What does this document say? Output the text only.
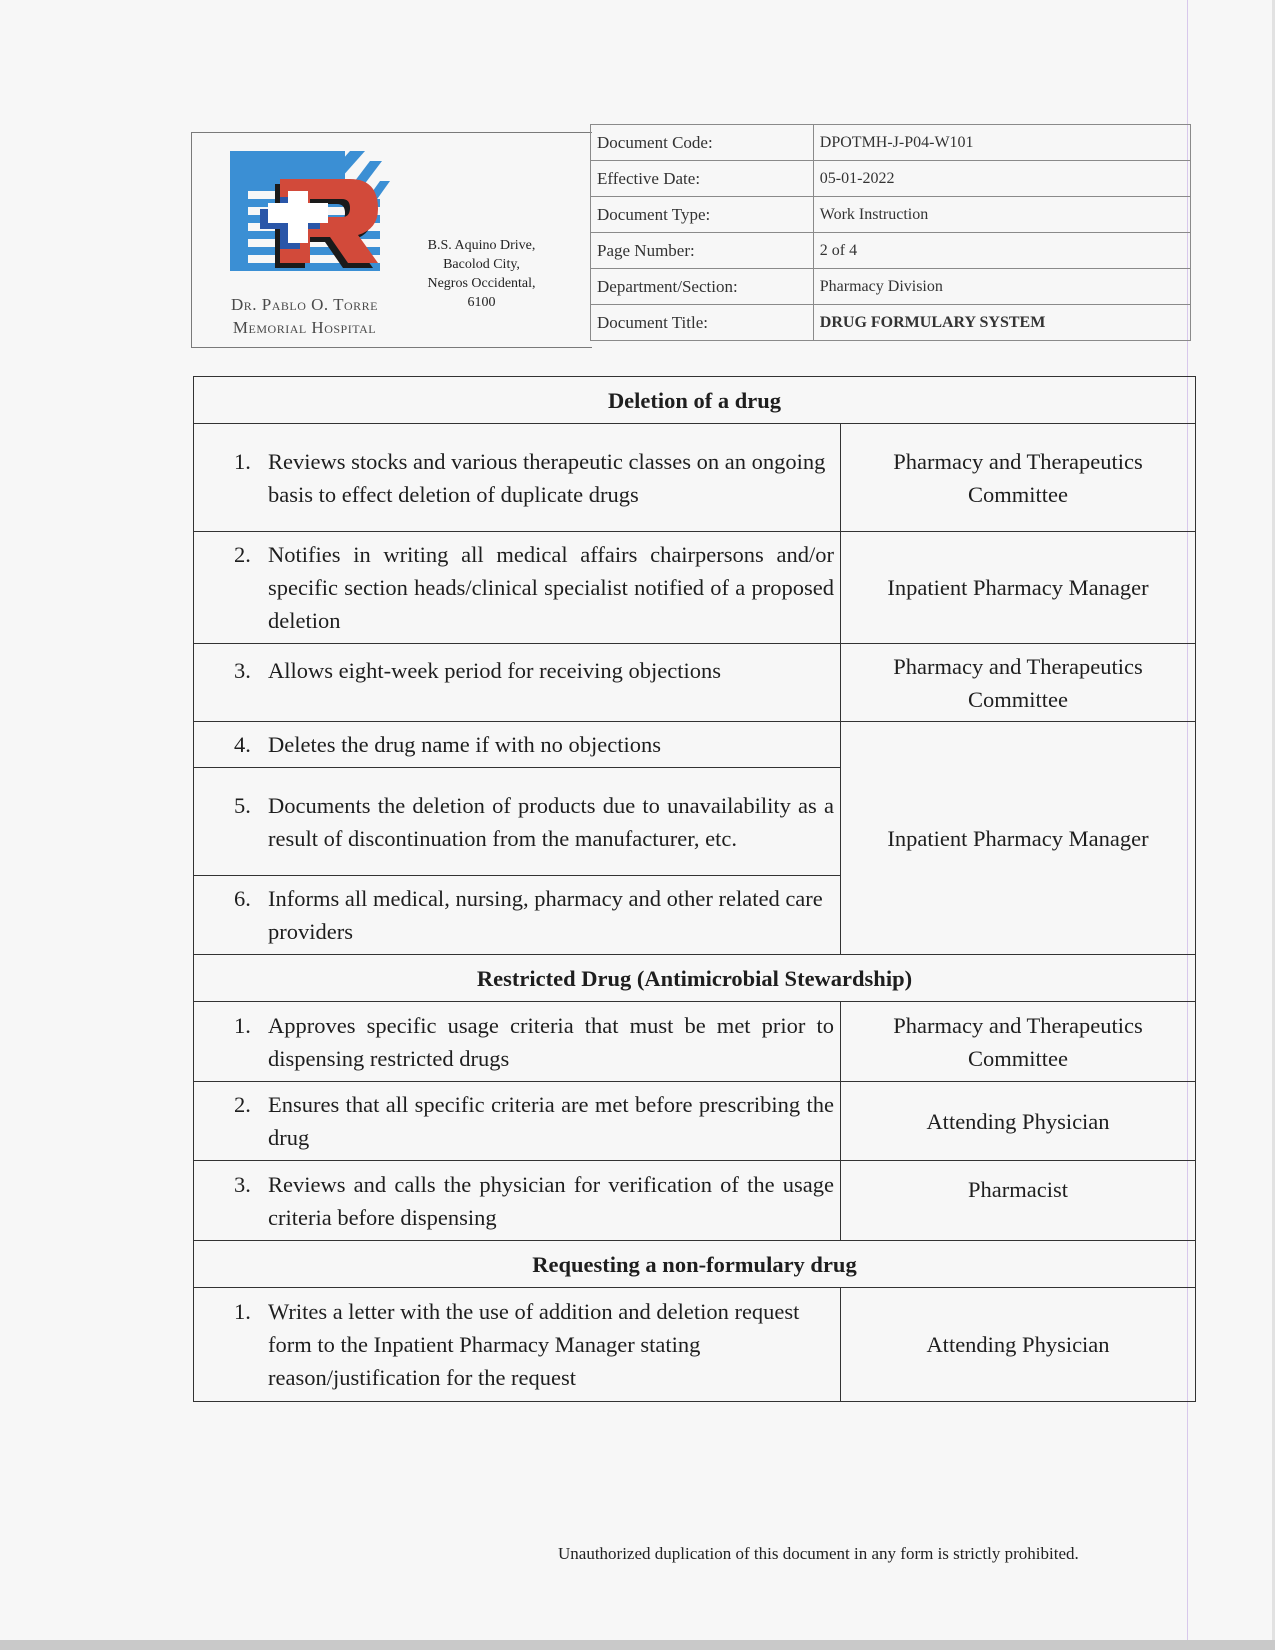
Dr. Pablo O. Torre
Memorial Hospital
B.S. Aquino Drive,
Bacolod City,
Negros Occidental,
6100
Document Code:	DPOTMH-J-P04-W101
Effective Date:	05-01-2022
Document Type:	Work Instruction
Page Number:	2 of 4
Department/Section:	Pharmacy Division
Document Title:	DRUG FORMULARY SYSTEM
Deletion of a drug	

1. Reviews stocks and various therapeutic classes on an ongoing basis to effect deletion of duplicate drugs	Pharmacy and Therapeutics Committee

2. Notifies in writing all medical affairs chairpersons and/or specific section heads/clinical specialist notified of a proposed deletion	Inpatient Pharmacy Manager

3. Allows eight-week period for receiving objections	Pharmacy and Therapeutics Committee

4. Deletes the drug name if with no objections	Inpatient Pharmacy Manager

5. Documents the deletion of products due to unavailability as a result of discontinuation from the manufacturer, etc.	

6. Informs all medical, nursing, pharmacy and other related care providers	

Restricted Drug (Antimicrobial Stewardship)	

1. Approves specific usage criteria that must be met prior to dispensing restricted drugs	Pharmacy and Therapeutics Committee

2. Ensures that all specific criteria are met before prescribing the drug	Attending Physician

3. Reviews and calls the physician for verification of the usage criteria before dispensing	Pharmacist
Requesting a non-formulary drug	

1. Writes a letter with the use of addition and deletion request form to the Inpatient Pharmacy Manager stating reason/justification for the request	Attending Physician
Unauthorized duplication of this document in any form is strictly prohibited.
